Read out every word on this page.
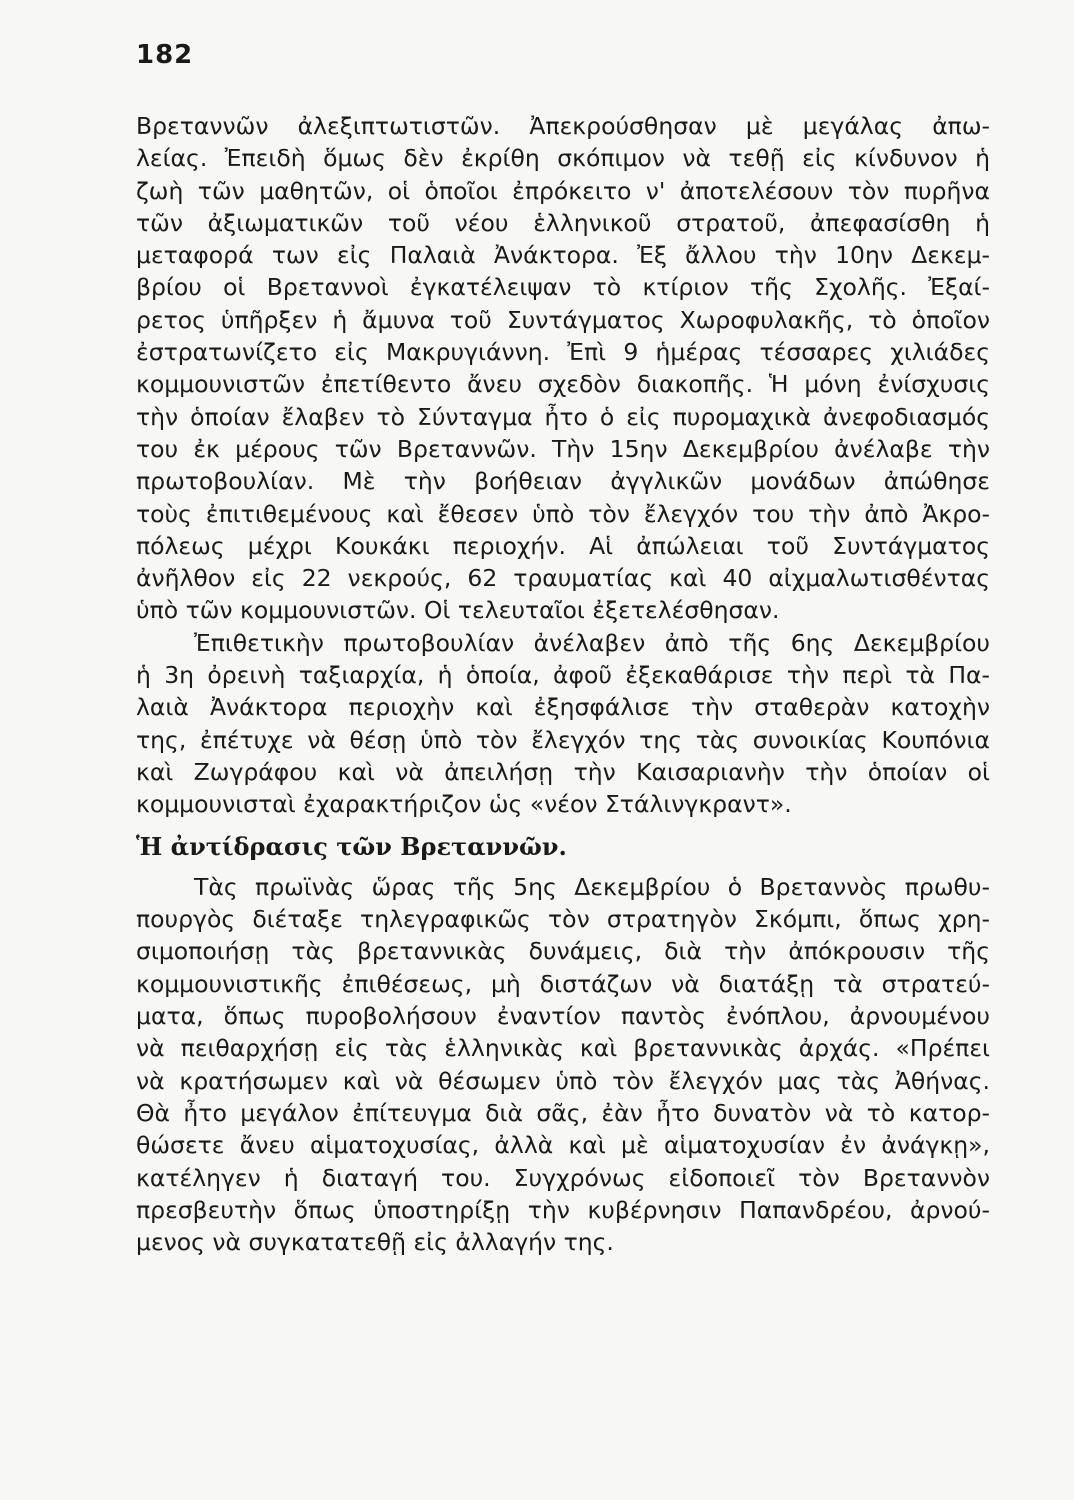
182
Βρεταννῶν ἀλεξιπτωτιστῶν. Ἀπεκρούσθησαν μὲ μεγάλας ἀπω-
λείας. Ἐπειδὴ ὅμως δὲν ἐκρίθη σκόπιμον νὰ τεθῇ εἰς κίνδυνον ἡ
ζωὴ τῶν μαθητῶν, οἱ ὁποῖοι ἐπρόκειτο ν' ἀποτελέσουν τὸν πυρῆνα
τῶν ἀξιωματικῶν τοῦ νέου ἑλληνικοῦ στρατοῦ, ἀπεφασίσθη ἡ
μεταφορά των εἰς Παλαιὰ Ἀνάκτορα. Ἐξ ἄλλου τὴν 10ην Δεκεμ-
βρίου οἱ Βρεταννοὶ ἐγκατέλειψαν τὸ κτίριον τῆς Σχολῆς. Ἐξαί-
ρετος ὑπῆρξεν ἡ ἄμυνα τοῦ Συντάγματος Χωροφυλακῆς, τὸ ὁποῖον
ἐστρατωνίζετο εἰς Μακρυγιάννη. Ἐπὶ 9 ἡμέρας τέσσαρες χιλιάδες
κομμουνιστῶν ἐπετίθεντο ἄνευ σχεδὸν διακοπῆς. Ἡ μόνη ἐνίσχυσις
τὴν ὁποίαν ἔλαβεν τὸ Σύνταγμα ἦτο ὁ εἰς πυρομαχικὰ ἀνεφοδιασμός
του ἐκ μέρους τῶν Βρεταννῶν. Τὴν 15ην Δεκεμβρίου ἀνέλαβε τὴν
πρωτοβουλίαν. Μὲ τὴν βοήθειαν ἀγγλικῶν μονάδων ἀπώθησε
τοὺς ἐπιτιθεμένους καὶ ἔθεσεν ὑπὸ τὸν ἔλεγχόν του τὴν ἀπὸ Ἀκρο-
πόλεως μέχρι Κουκάκι περιοχήν. Αἱ ἀπώλειαι τοῦ Συντάγματος
ἀνῆλθον εἰς 22 νεκρούς, 62 τραυματίας καὶ 40 αἰχμαλωτισθέντας
ὑπὸ τῶν κομμουνιστῶν. Οἱ τελευταῖοι ἐξετελέσθησαν.
Ἐπιθετικὴν πρωτοβουλίαν ἀνέλαβεν ἀπὸ τῆς 6ης Δεκεμβρίου
ἡ 3η ὀρεινὴ ταξιαρχία, ἡ ὁποία, ἀφοῦ ἐξεκαθάρισε τὴν περὶ τὰ Πα-
λαιὰ Ἀνάκτορα περιοχὴν καὶ ἐξησφάλισε τὴν σταθερὰν κατοχὴν
της, ἐπέτυχε νὰ θέσῃ ὑπὸ τὸν ἔλεγχόν της τὰς συνοικίας Κουπόνια
καὶ Ζωγράφου καὶ νὰ ἀπειλήσῃ τὴν Καισαριανὴν τὴν ὁποίαν οἱ
κομμουνισταὶ ἐχαρακτήριζον ὡς «νέον Στάλινγκραντ».
Ἡ ἀντίδρασις τῶν Βρεταννῶν.
Τὰς πρωϊνὰς ὥρας τῆς 5ης Δεκεμβρίου ὁ Βρεταννὸς πρωθυ-
πουργὸς διέταξε τηλεγραφικῶς τὸν στρατηγὸν Σκόμπι, ὅπως χρη-
σιμοποιήσῃ τὰς βρεταννικὰς δυνάμεις, διὰ τὴν ἀπόκρουσιν τῆς
κομμουνιστικῆς ἐπιθέσεως, μὴ διστάζων νὰ διατάξῃ τὰ στρατεύ-
ματα, ὅπως πυροβολήσουν ἐναντίον παντὸς ἐνόπλου, ἀρνουμένου
νὰ πειθαρχήσῃ εἰς τὰς ἑλληνικὰς καὶ βρεταννικὰς ἀρχάς. «Πρέπει
νὰ κρατήσωμεν καὶ νὰ θέσωμεν ὑπὸ τὸν ἔλεγχόν μας τὰς Ἀθήνας.
Θὰ ἦτο μεγάλον ἐπίτευγμα διὰ σᾶς, ἐὰν ἦτο δυνατὸν νὰ τὸ κατορ-
θώσετε ἄνευ αἱματοχυσίας, ἀλλὰ καὶ μὲ αἱματοχυσίαν ἐν ἀνάγκῃ»,
κατέληγεν ἡ διαταγή του. Συγχρόνως εἰδοποιεῖ τὸν Βρεταννὸν
πρεσβευτὴν ὅπως ὑποστηρίξῃ τὴν κυβέρνησιν Παπανδρέου, ἀρνού-
μενος νὰ συγκατατεθῇ εἰς ἀλλαγήν της.
